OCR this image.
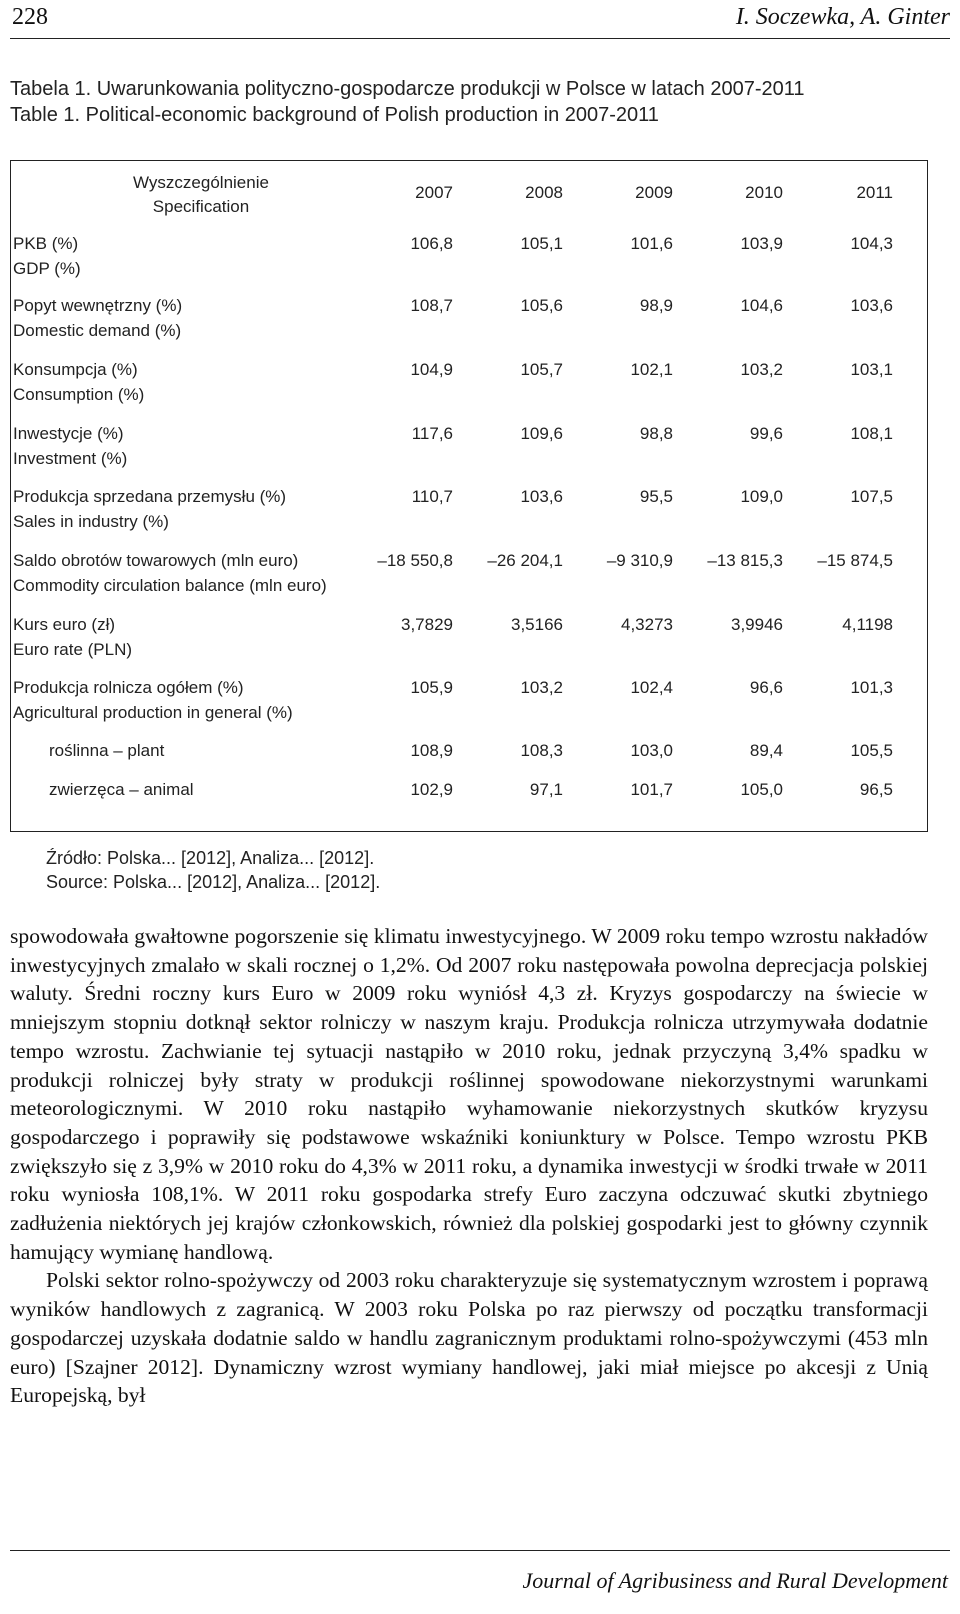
228	I. Soczewka, A. Ginter
Tabela 1. Uwarunkowania polityczno-gospodarcze produkcji w Polsce w latach 2007-2011
Table 1. Political-economic background of Polish production in 2007-2011
Wyszczególnienie
Specification
2007	2008	2009	2010	2011
PKB (%)
GDP (%)
106,8	105,1	101,6	103,9	104,3
Popyt wewnętrzny (%)
Domestic demand (%)
108,7	105,6	98,9	104,6	103,6
Konsumpcja (%)
Consumption (%)
104,9	105,7	102,1	103,2	103,1
Inwestycje (%)
Investment (%)
117,6	109,6	98,8	99,6	108,1
Produkcja sprzedana przemysłu (%)
Sales in industry (%)
110,7	103,6	95,5	109,0	107,5
Saldo obrotów towarowych (mln euro)
Commodity circulation balance (mln euro)
–18 550,8	–26 204,1	–9 310,9	–13 815,3	–15 874,5
Kurs euro (zł)
Euro rate (PLN)
3,7829	3,5166	4,3273	3,9946	4,1198
Produkcja rolnicza ogółem (%)
Agricultural production in general (%)
105,9	103,2	102,4	96,6	101,3
roślinna – plant	108,9	108,3	103,0	89,4	105,5
zwierzęca – animal	102,9	97,1	101,7	105,0	96,5
Źródło: Polska... [2012], Analiza... [2012].
Source: Polska... [2012], Analiza... [2012].

spowodowała gwałtowne pogorszenie się klimatu inwestycyjnego. W 2009 roku tempo wzrostu nakładów inwestycyjnych zmalało w skali rocznej o 1,2%. Od 2007 roku następowała powolna deprecjacja polskiej waluty. Średni roczny kurs Euro w 2009 roku wyniósł 4,3 zł. Kryzys gospodarczy na świecie w mniejszym stopniu dotknął sektor rolniczy w naszym kraju. Produkcja rolnicza utrzymywała dodatnie tempo wzrostu. Zachwianie tej sytuacji nastąpiło w 2010 roku, jednak przyczyną 3,4% spadku w produkcji rolniczej były straty w produkcji roślinnej spowodowane niekorzystnymi warunkami meteorologicznymi. W 2010 roku nastąpiło wyhamowanie niekorzystnych skutków kryzysu gospodarczego i poprawiły się podstawowe wskaźniki koniunktury w Polsce. Tempo wzrostu PKB zwiększyło się z 3,9% w 2010 roku do 4,3% w 2011 roku, a dynamika inwestycji w środki trwałe w 2011 roku wyniosła 108,1%. W 2011 roku gospodarka strefy Euro zaczyna odczuwać skutki zbytniego zadłużenia niektórych jej krajów członkowskich, również dla polskiej gospodarki jest to główny czynnik hamujący wymianę handlową.

Polski sektor rolno-spożywczy od 2003 roku charakteryzuje się systematycznym wzrostem i poprawą wyników handlowych z zagranicą. W 2003 roku Polska po raz pierwszy od początku transformacji gospodarczej uzyskała dodatnie saldo w handlu zagranicznym produktami rolno-spożywczymi (453 mln euro) [Szajner 2012]. Dynamiczny wzrost wymiany handlowej, jaki miał miejsce po akcesji z Unią Europejską, był

Journal of Agribusiness and Rural Development
